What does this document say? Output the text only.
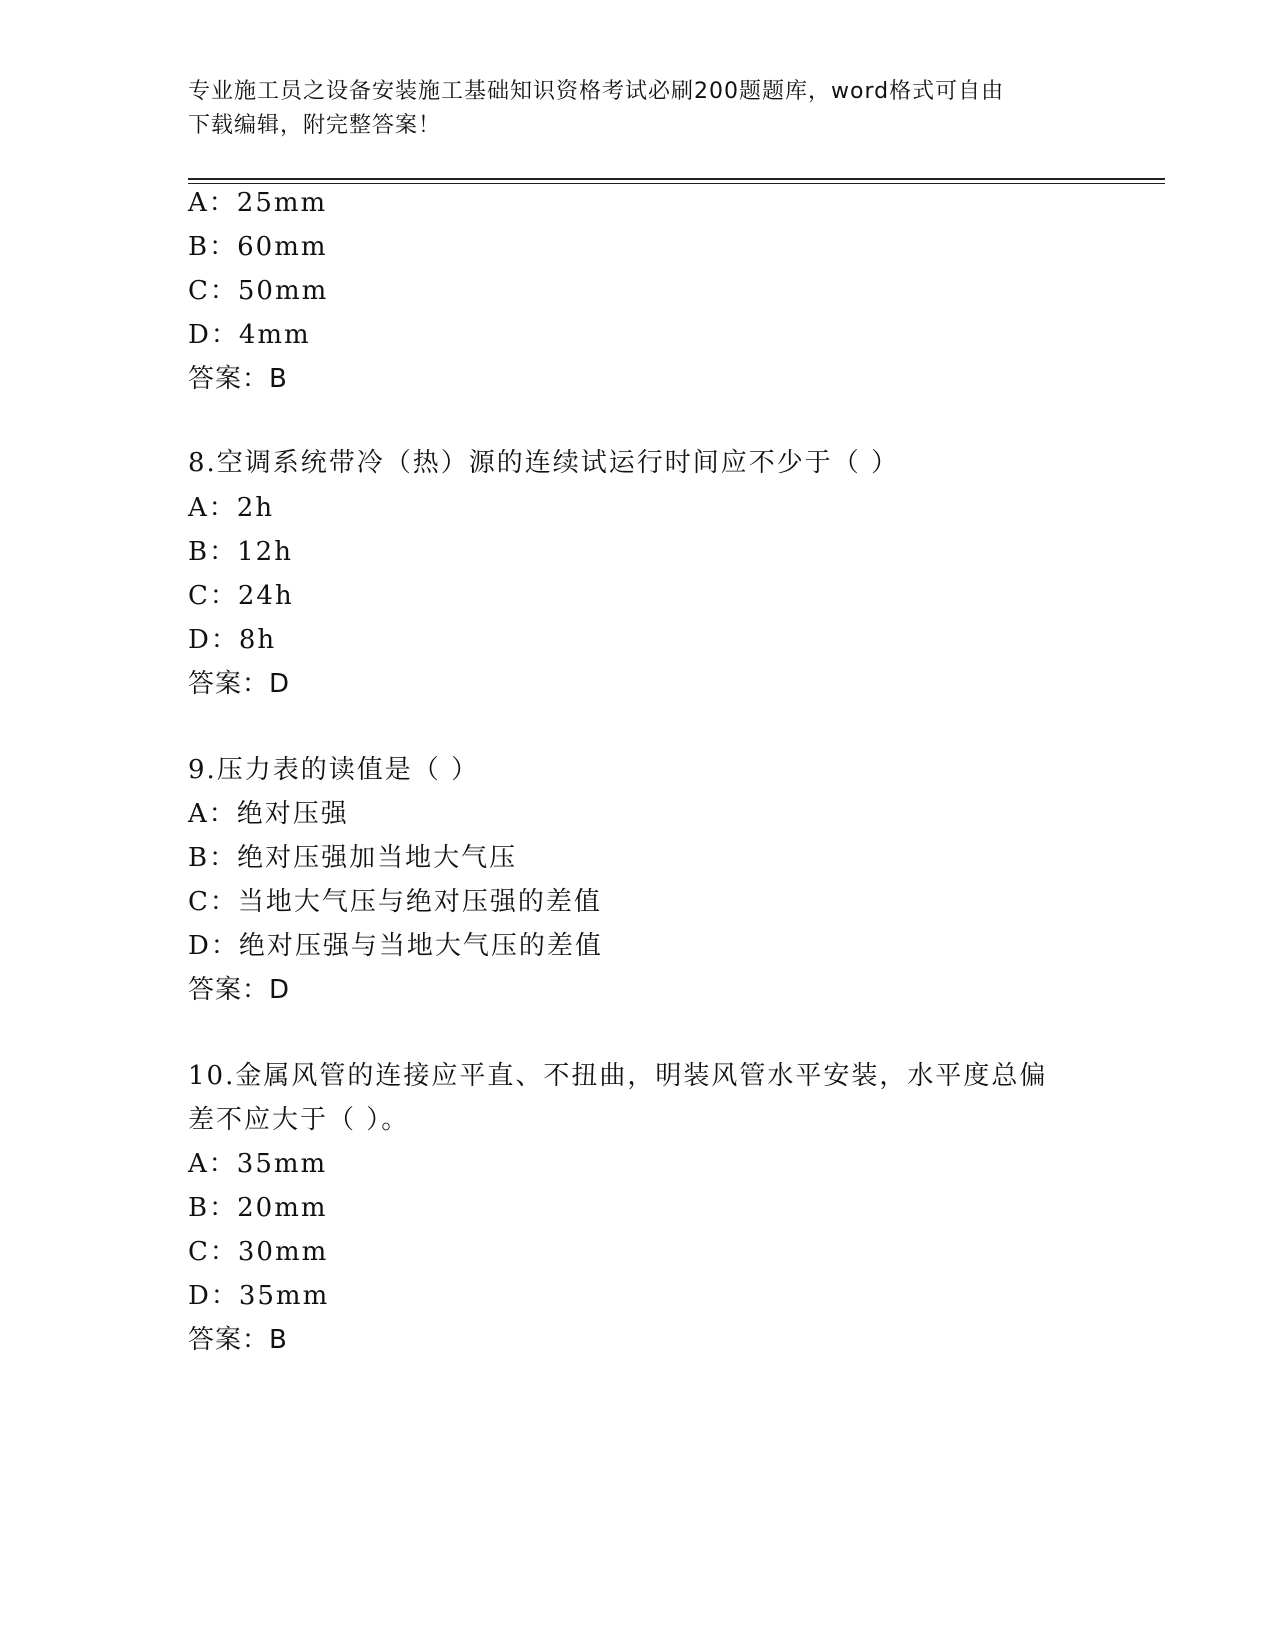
专业施工员之设备安装施工基础知识资格考试必刷200题题库，word格式可自由
下载编辑，附完整答案！
A：25mm
B：60mm
C：50mm
D：4mm
答案：B
8.空调系统带冷（热）源的连续试运行时间应不少于（ ）
A：2h
B：12h
C：24h
D：8h
答案：D
9.压力表的读值是（ ）
A：绝对压强
B：绝对压强加当地大气压
C：当地大气压与绝对压强的差值
D：绝对压强与当地大气压的差值
答案：D
10.金属风管的连接应平直、不扭曲，明装风管水平安装，水平度总偏
差不应大于（ ）。
A：35mm
B：20mm
C：30mm
D：35mm
答案：B
